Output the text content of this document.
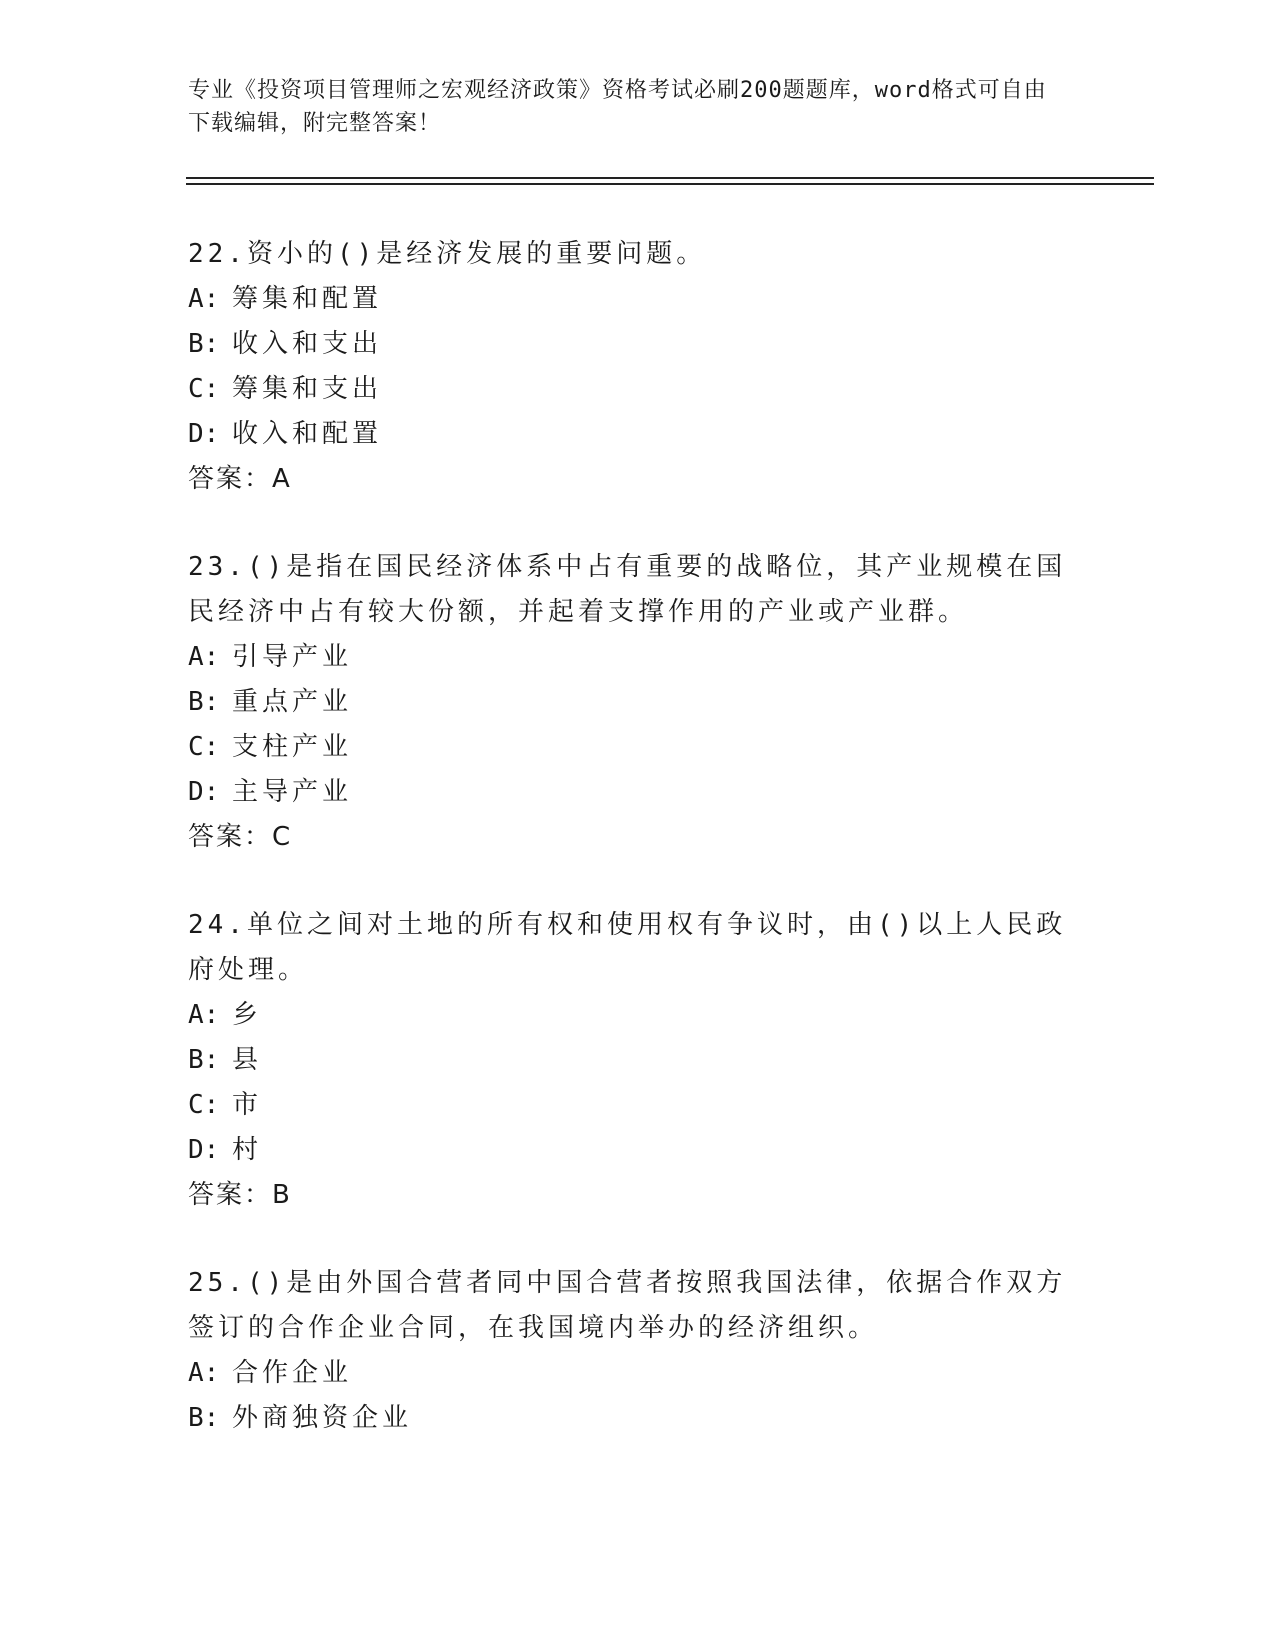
专业《投资项目管理师之宏观经济政策》资格考试必刷200题题库，word格式可自由下载编辑，附完整答案！

22.资小的()是经济发展的重要问题。

A: 筹集和配置

B: 收入和支出

C: 筹集和支出

D: 收入和配置

答案：A

23.()是指在国民经济体系中占有重要的战略位，其产业规模在国民经济中占有较大份额，并起着支撑作用的产业或产业群。

A: 引导产业

B: 重点产业

C: 支柱产业

D: 主导产业

答案：C

24.单位之间对土地的所有权和使用权有争议时，由()以上人民政府处理。

A: 乡

B: 县

C: 市

D: 村

答案：B

25.()是由外国合营者同中国合营者按照我国法律，依据合作双方签订的合作企业合同，在我国境内举办的经济组织。

A: 合作企业

B: 外商独资企业
